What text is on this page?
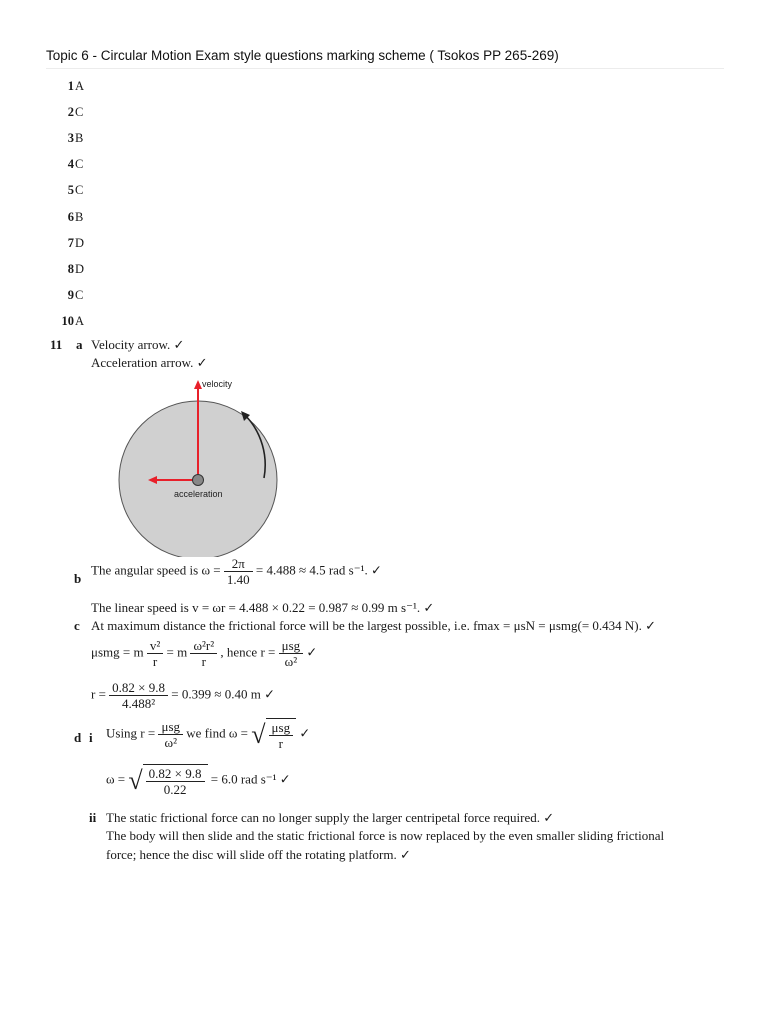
Topic 6 - Circular Motion Exam style questions marking scheme ( Tsokos PP 265-269)
1 A
2 C
3 B
4 C
5 C
6 B
7 D
8 D
9 C
10 A
11 a Velocity arrow. ✓
Acceleration arrow. ✓
velocity
acceleration
b
The angular speed is $\omega = \frac{2\pi}{1.40} = 4.488 \approx 4.5$ rad s⁻¹. ✓
The linear speed is v = ωr = 4.488 × 0.22 = 0.987 ≈ 0.99 m s⁻¹. ✓
c At maximum distance the frictional force will be the largest possible, i.e. fmax = μsN = μsmg(= 0.434 N). ✓
μsmg = m $\frac{\text{v²}}{r} = m \frac{\text{ω²r²}}{r}$ , hence $r = \frac{\text{μsg}}{\text{ω²}}$ ✓
$r = \frac{0.82 \times 9.8}{\text{4.488²}} = 0.399 \approx 0.40$ m ✓
d i Using $r = \frac{\text{μsg}}{\text{ω²}}$ we find ω = √ $\frac{\text{μsg}}{r}$ ✓
ω = √ $\frac{0.82 \times 9.8}{0.22} = 6.0$ rad s⁻¹ ✓
ii The static frictional force can no longer supply the larger centripetal force required. ✓
The body will then slide and the static frictional force is now replaced by the even smaller sliding frictional
force; hence the disc will slide off the rotating platform. ✓
